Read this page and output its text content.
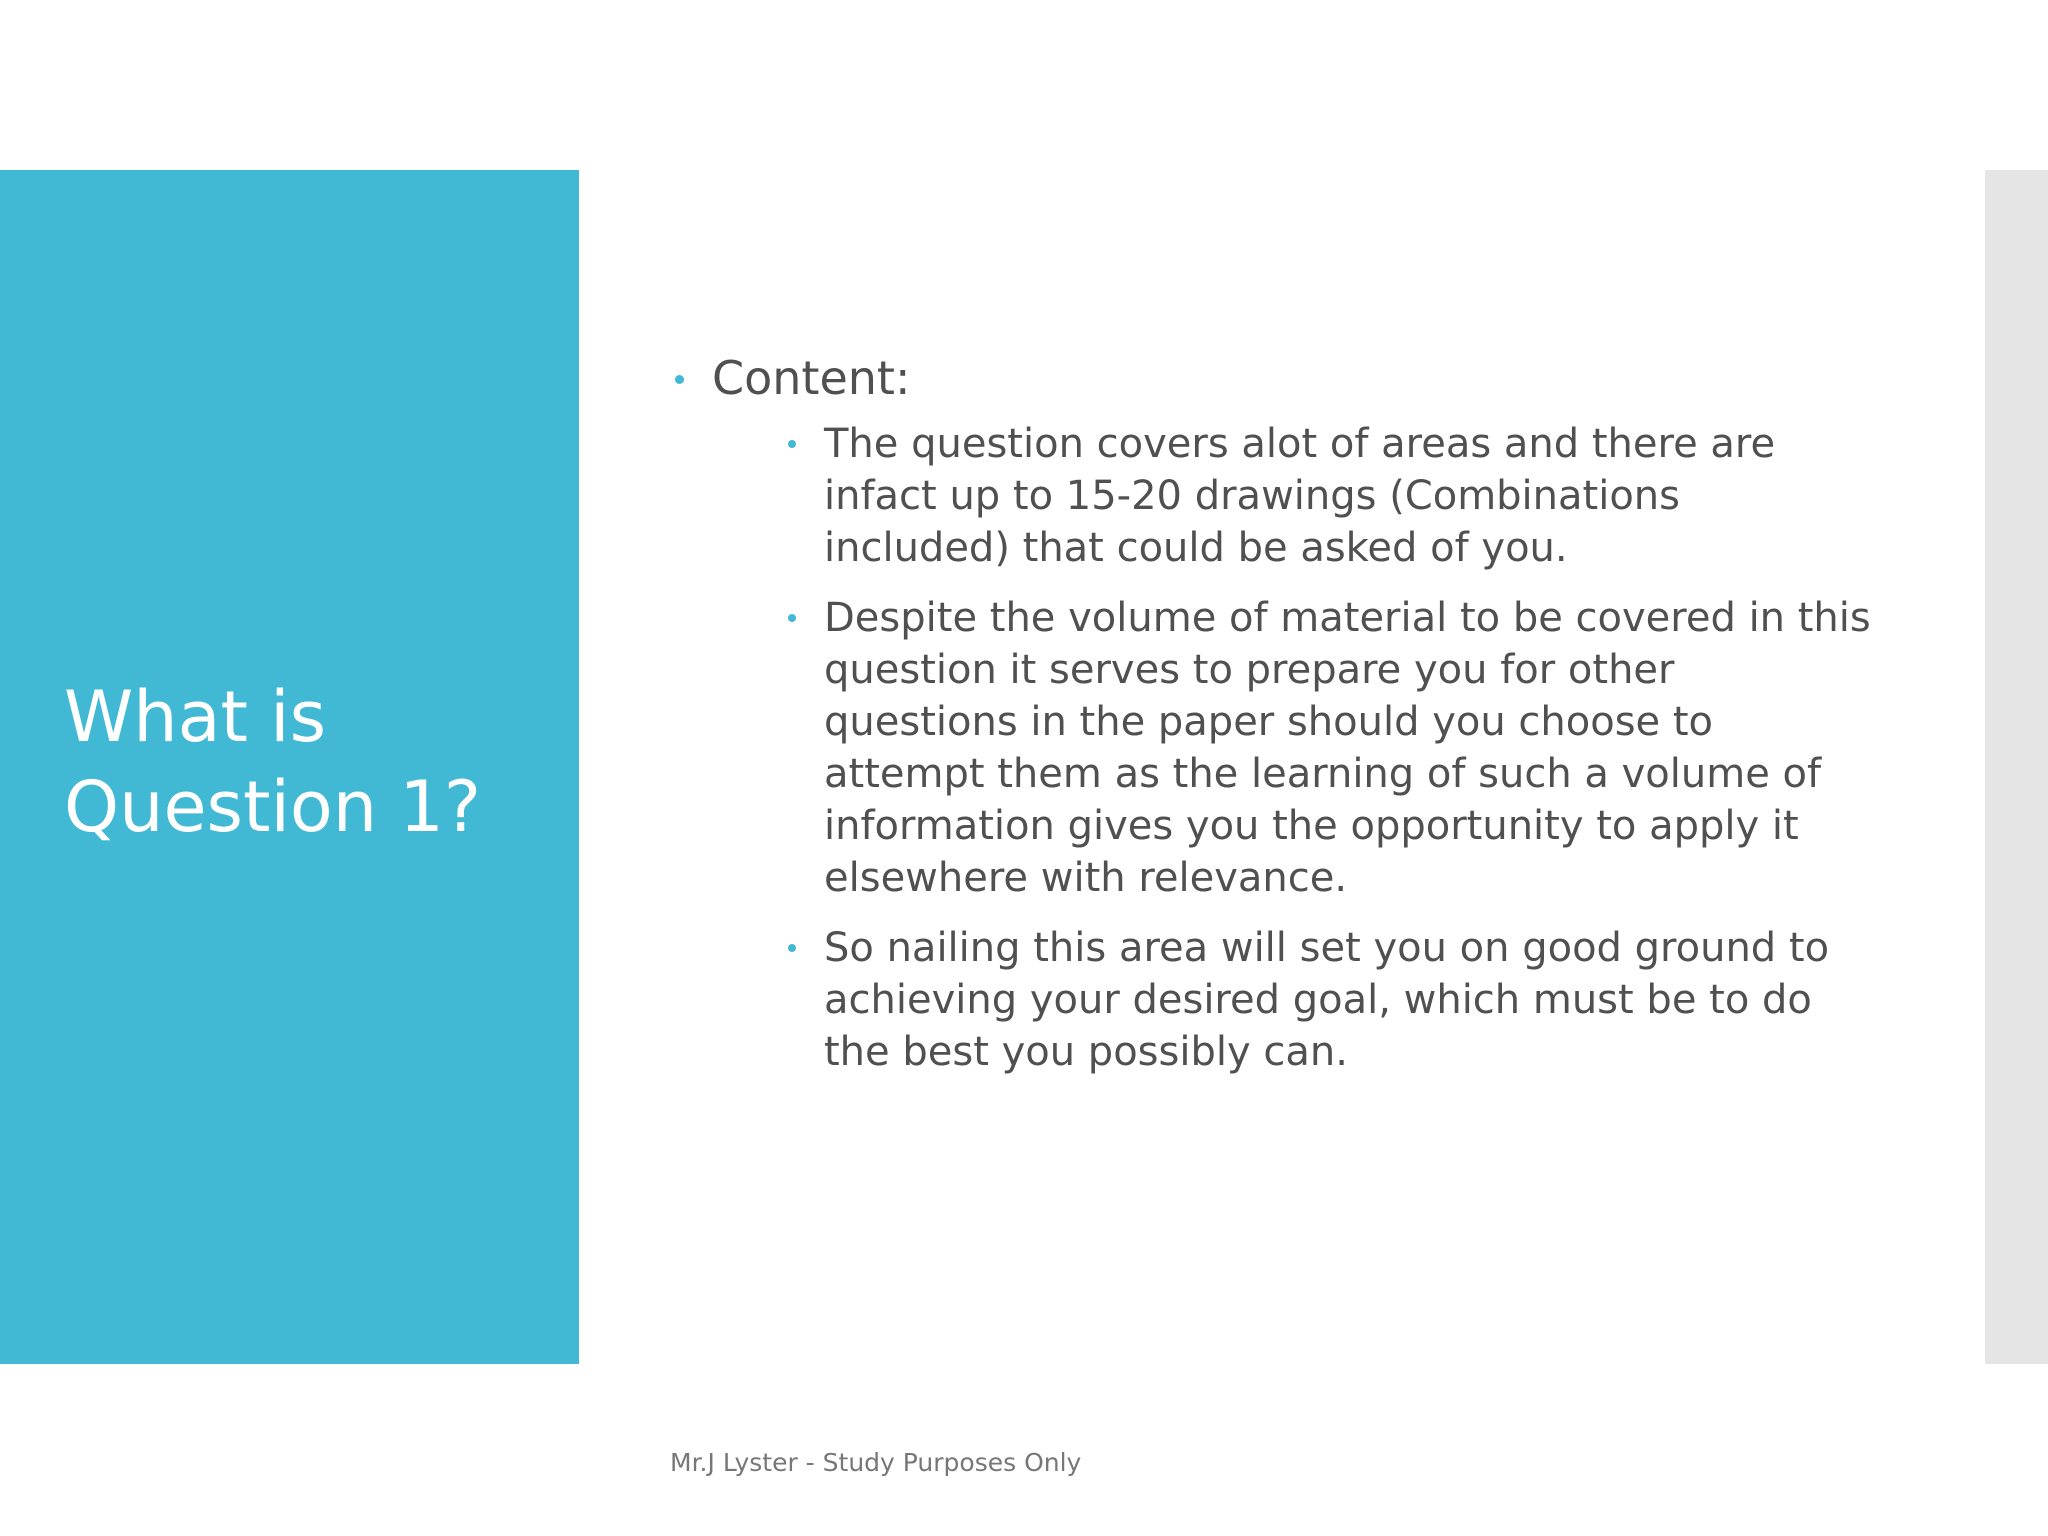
What is
Question 1?
Content:
The question covers alot of areas and there are
infact up to 15-20 drawings (Combinations
included) that could be asked of you.
Despite the volume of material to be covered in this
question it serves to prepare you for other
questions in the paper should you choose to
attempt them as the learning of such a volume of
information gives you the opportunity to apply it
elsewhere with relevance.
So nailing this area will set you on good ground to
achieving your desired goal, which must be to do
the best you possibly can.
Mr.J Lyster - Study Purposes Only
